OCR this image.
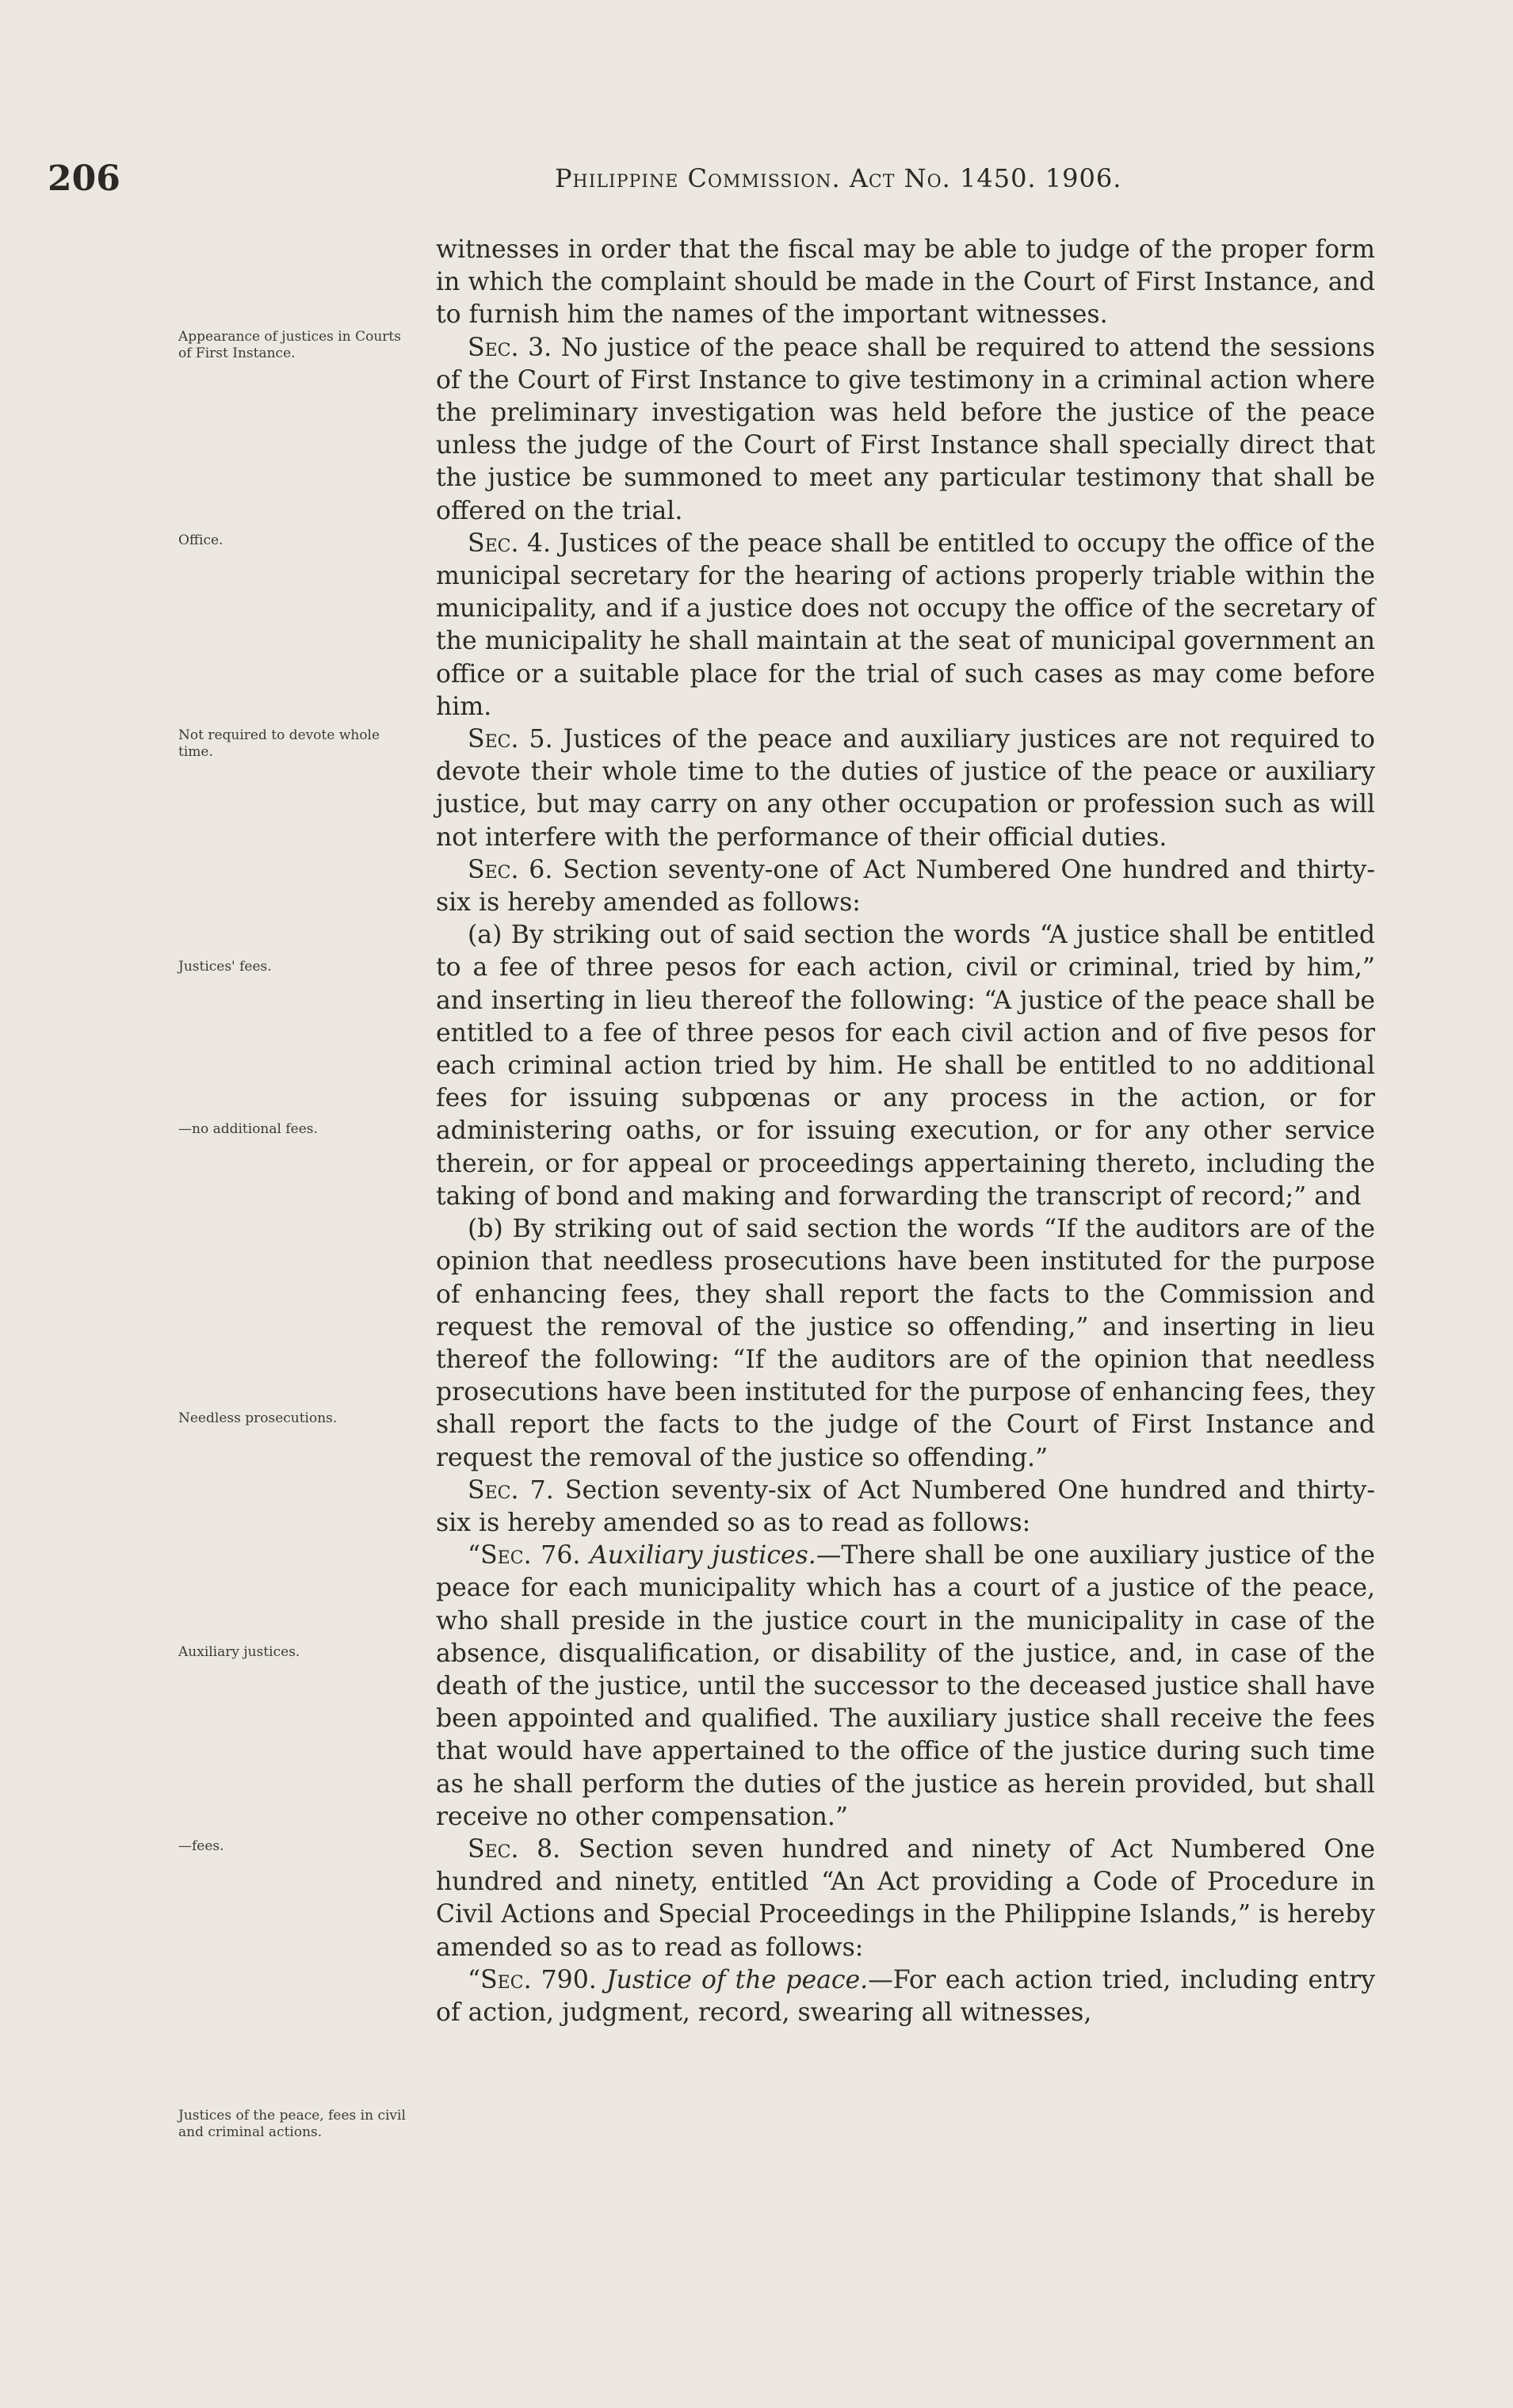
206	Philippine Commission. Act No. 1450. 1906.
Appearance of justices in Courts of First Instance.
Office.
Not required to devote whole time.
Justices' fees.
—no additional fees.
Needless prosecutions.
Auxiliary justices.
—fees.
Justices of the peace, fees in civil and criminal actions.

witnesses in order that the fiscal may be able to judge of the proper form in which the complaint should be made in the Court of First Instance, and to furnish him the names of the important witnesses.

Sec. 3. No justice of the peace shall be required to attend the sessions of the Court of First Instance to give testimony in a criminal action where the preliminary investigation was held before the justice of the peace unless the judge of the Court of First Instance shall specially direct that the justice be summoned to meet any particular testimony that shall be offered on the trial.

Sec. 4. Justices of the peace shall be entitled to occupy the office of the municipal secretary for the hearing of actions properly triable within the municipality, and if a justice does not occupy the office of the secretary of the municipality he shall maintain at the seat of municipal government an office or a suitable place for the trial of such cases as may come before him.

Sec. 5. Justices of the peace and auxiliary justices are not required to devote their whole time to the duties of justice of the peace or auxiliary justice, but may carry on any other occupation or profession such as will not interfere with the performance of their official duties.

Sec. 6. Section seventy-one of Act Numbered One hundred and thirty-six is hereby amended as follows:

(a) By striking out of said section the words “A justice shall be entitled to a fee of three pesos for each action, civil or criminal, tried by him,” and inserting in lieu thereof the following: “A justice of the peace shall be entitled to a fee of three pesos for each civil action and of five pesos for each criminal action tried by him. He shall be entitled to no additional fees for issuing subpœnas or any process in the action, or for administering oaths, or for issuing execution, or for any other service therein, or for appeal or proceedings appertaining thereto, including the taking of bond and making and forwarding the transcript of record;” and

(b) By striking out of said section the words “If the auditors are of the opinion that needless prosecutions have been instituted for the purpose of enhancing fees, they shall report the facts to the Commission and request the removal of the justice so offending,” and inserting in lieu thereof the following: “If the auditors are of the opinion that needless prosecutions have been instituted for the purpose of enhancing fees, they shall report the facts to the judge of the Court of First Instance and request the removal of the justice so offending.”

Sec. 7. Section seventy-six of Act Numbered One hundred and thirty-six is hereby amended so as to read as follows:

“Sec. 76. Auxiliary justices.—There shall be one auxiliary justice of the peace for each municipality which has a court of a justice of the peace, who shall preside in the justice court in the municipality in case of the absence, disqualification, or disability of the justice, and, in case of the death of the justice, until the successor to the deceased justice shall have been appointed and qualified. The auxiliary justice shall receive the fees that would have appertained to the office of the justice during such time as he shall perform the duties of the justice as herein provided, but shall receive no other compensation.”

Sec. 8. Section seven hundred and ninety of Act Numbered One hundred and ninety, entitled “An Act providing a Code of Procedure in Civil Actions and Special Proceedings in the Philippine Islands,” is hereby amended so as to read as follows:

“Sec. 790. Justice of the peace.—For each action tried, including entry of action, judgment, record, swearing all witnesses,
